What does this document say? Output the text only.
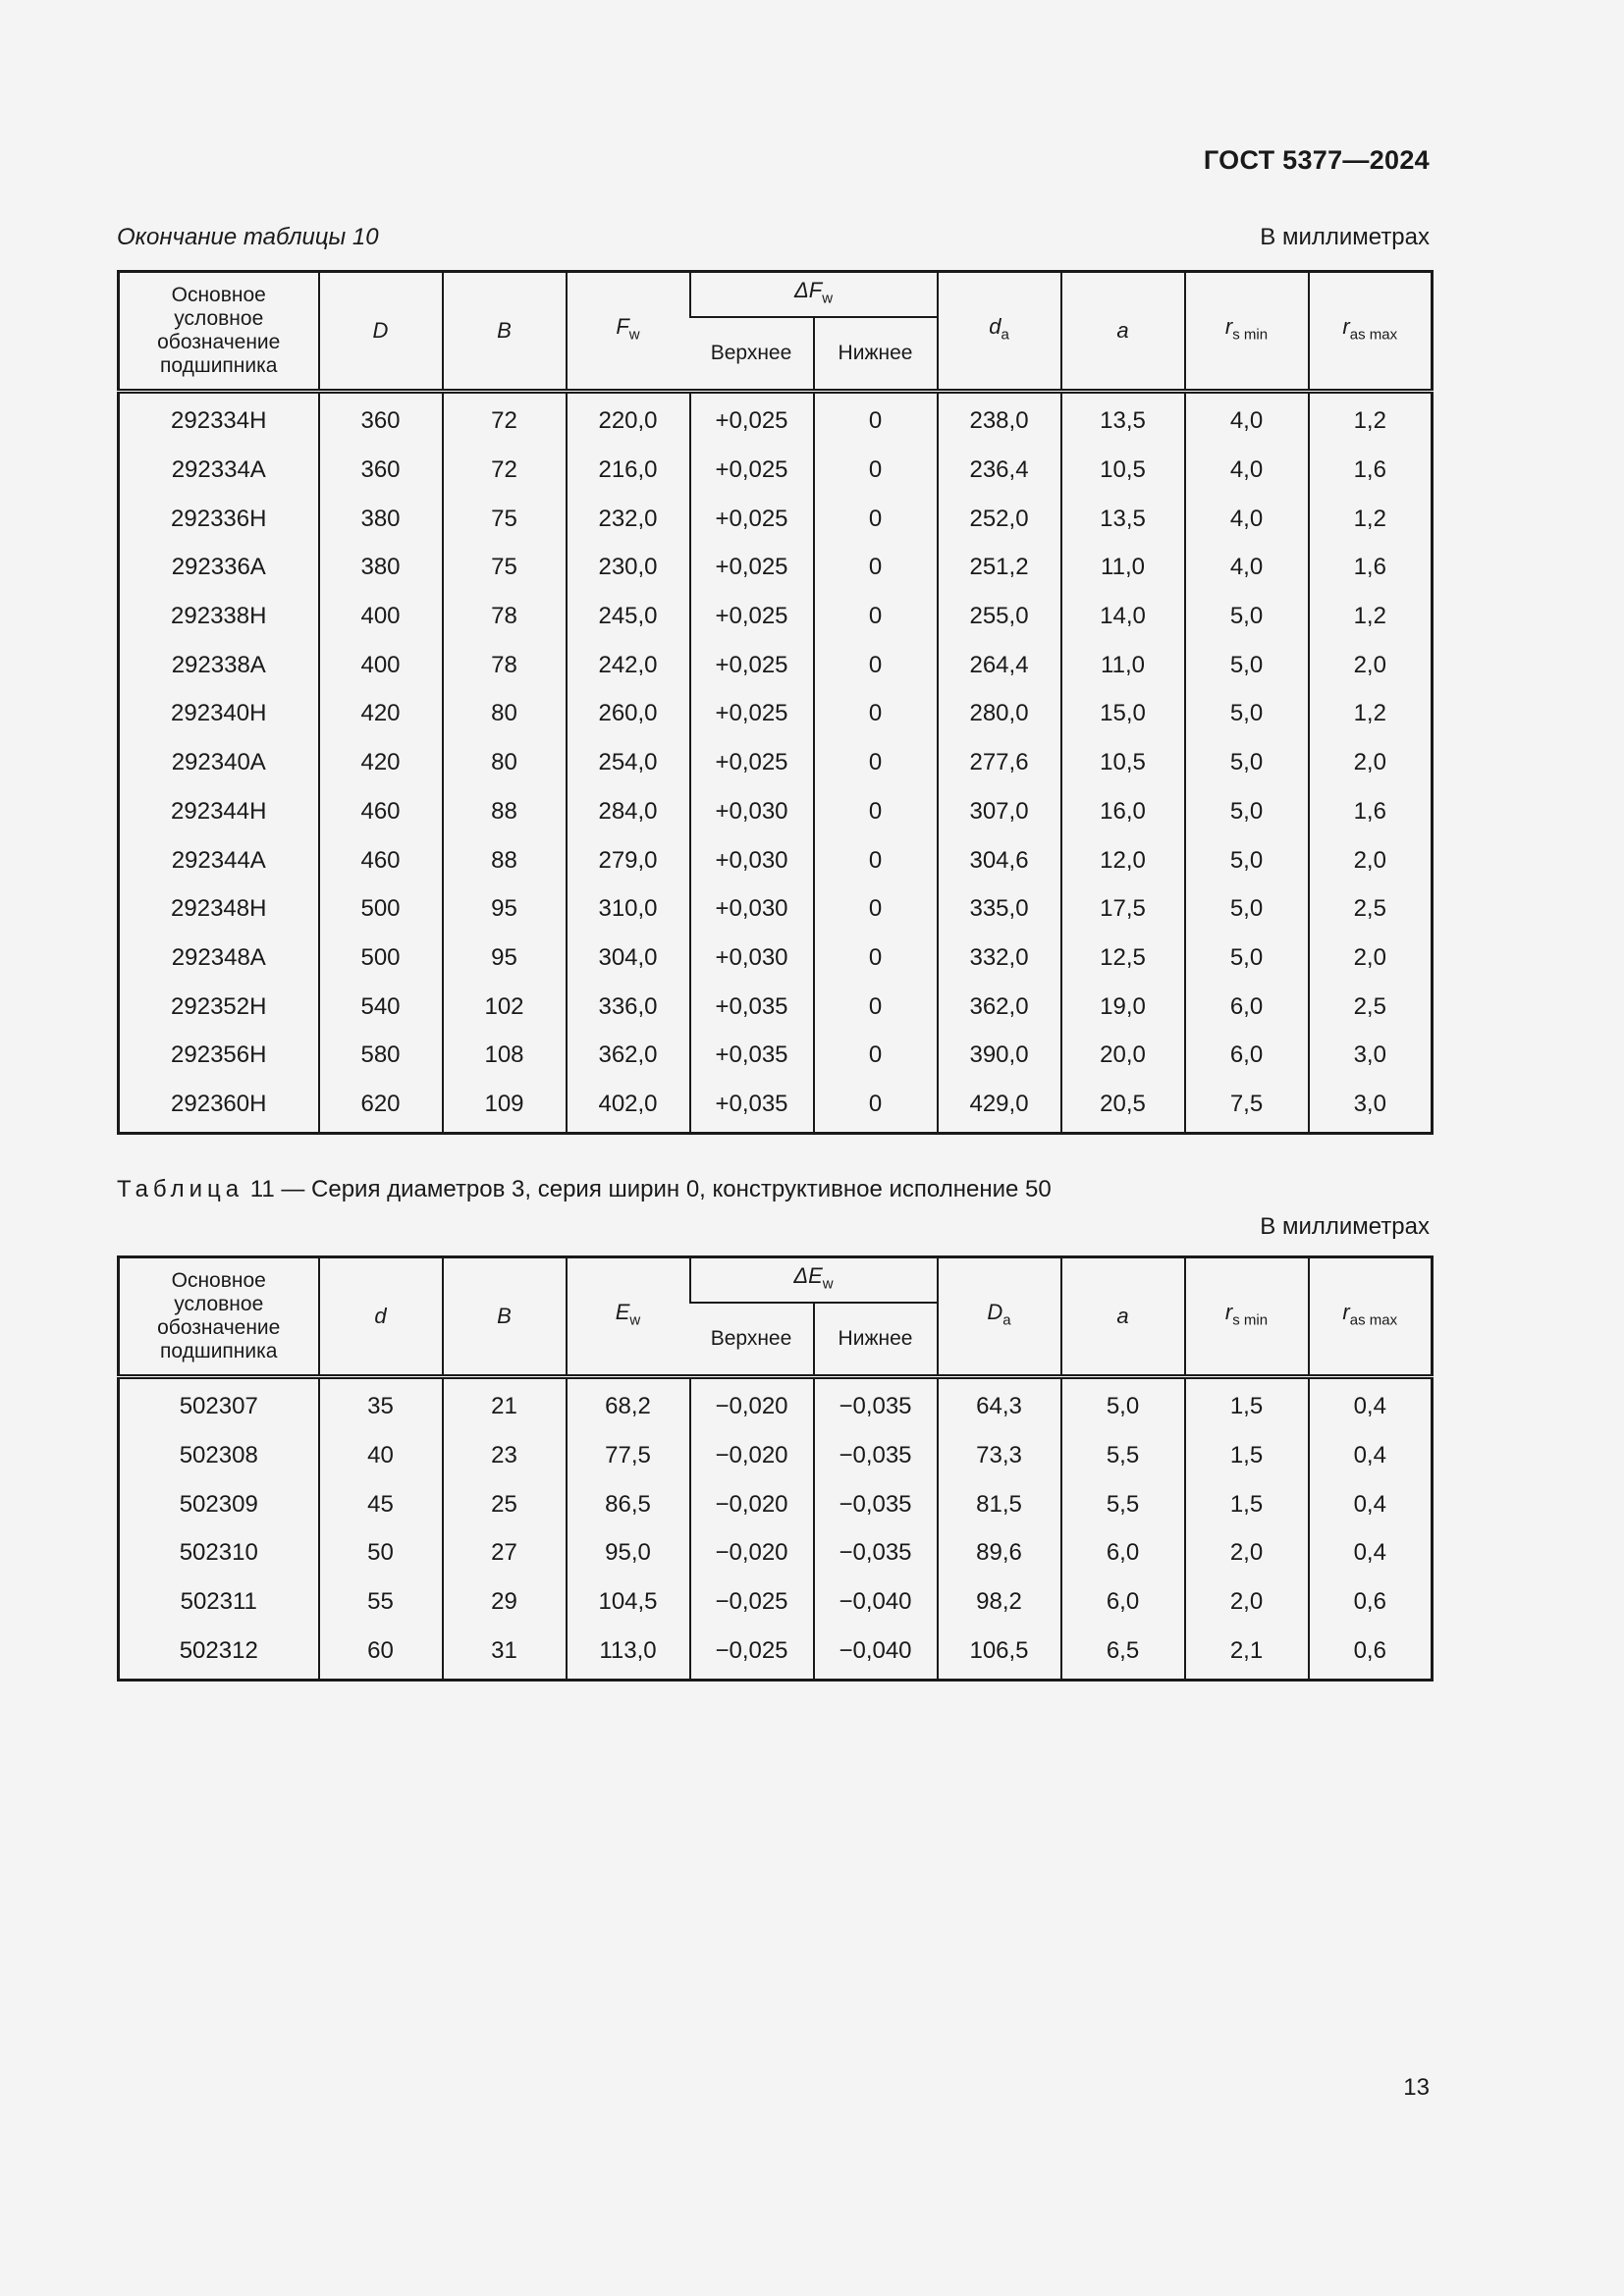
ГОСТ 5377—2024
Окончание таблицы 10	В миллиметрах
Основное условное обозначение подшипника	D	B	$F_w$	$\Delta F_w$		$d_a$	a	$r_{s min}$	$r_{as max}$
				Верхнее	Нижнее				
292334H	360	72	220,0	+0,025	0	238,0	13,5	4,0	1,2
292334A	360	72	216,0	+0,025	0	236,4	10,5	4,0	1,6
292336H	380	75	232,0	+0,025	0	252,0	13,5	4,0	1,2
292336A	380	75	230,0	+0,025	0	251,2	11,0	4,0	1,6
292338H	400	78	245,0	+0,025	0	255,0	14,0	5,0	1,2
292338A	400	78	242,0	+0,025	0	264,4	11,0	5,0	2,0
292340H	420	80	260,0	+0,025	0	280,0	15,0	5,0	1,2
292340A	420	80	254,0	+0,025	0	277,6	10,5	5,0	2,0
292344H	460	88	284,0	+0,030	0	307,0	16,0	5,0	1,6
292344A	460	88	279,0	+0,030	0	304,6	12,0	5,0	2,0
292348H	500	95	310,0	+0,030	0	335,0	17,5	5,0	2,5
292348A	500	95	304,0	+0,030	0	332,0	12,5	5,0	2,0
292352H	540	102	336,0	+0,035	0	362,0	19,0	6,0	2,5
292356H	580	108	362,0	+0,035	0	390,0	20,0	6,0	3,0
292360H	620	109	402,0	+0,035	0	429,0	20,5	7,5	3,0
Таблица 11 — Серия диаметров 3, серия ширин 0, конструктивное исполнение 50
В миллиметрах
Основное условное обозначение подшипника	d	B	$E_w$	$\Delta E_w$		$D_a$	a	$r_{s min}$	$r_{as max}$
				Верхнее	Нижнее				
502307	35	21	68,2	−0,020	−0,035	64,3	5,0	1,5	0,4
502308	40	23	77,5	−0,020	−0,035	73,3	5,5	1,5	0,4
502309	45	25	86,5	−0,020	−0,035	81,5	5,5	1,5	0,4
502310	50	27	95,0	−0,020	−0,035	89,6	6,0	2,0	0,4
502311	55	29	104,5	−0,025	−0,040	98,2	6,0	2,0	0,6
502312	60	31	113,0	−0,025	−0,040	106,5	6,5	2,1	0,6
13
